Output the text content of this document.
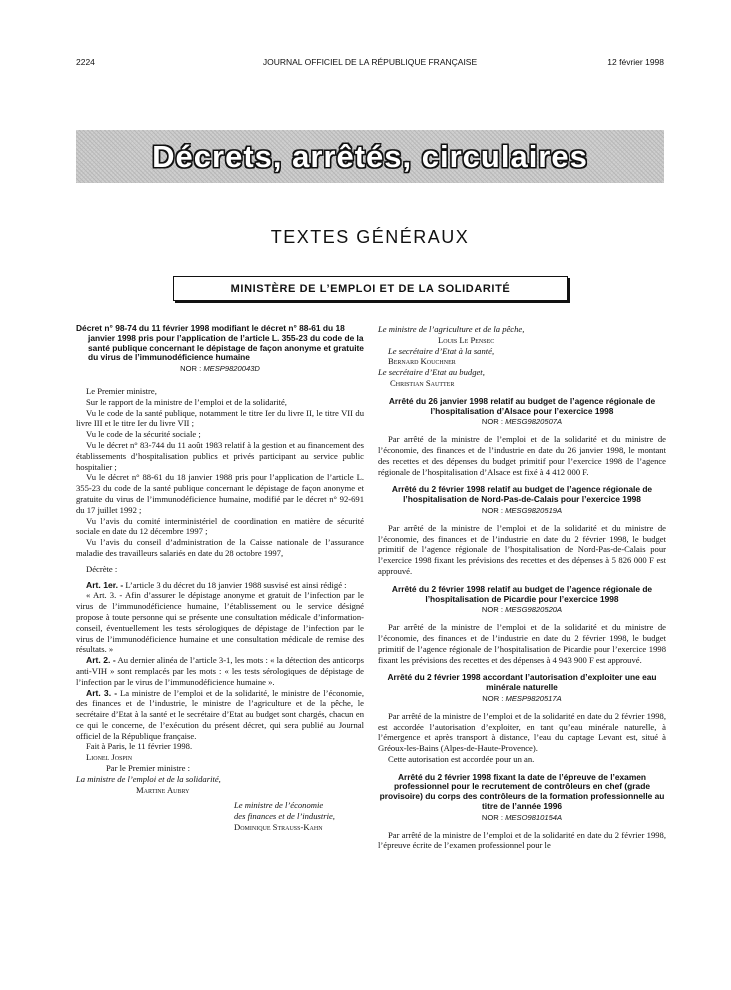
2224	JOURNAL OFFICIEL DE LA RÉPUBLIQUE FRANÇAISE	12 février 1998
Décrets, arrêtés, circulaires
TEXTES GÉNÉRAUX
MINISTÈRE DE L’EMPLOI ET DE LA SOLIDARITÉ
Décret n° 98-74 du 11 février 1998 modifiant le décret n° 88-61 du 18 janvier 1998 pris pour l’application de l’article L. 355-23 du code de la santé publique concernant le dépistage de façon anonyme et gratuite du virus de l’immunodéficience humaine
NOR : MESP9820043D

Le Premier ministre,

Sur le rapport de la ministre de l’emploi et de la solidarité,

Vu le code de la santé publique, notamment le titre Ier du livre II, le titre VII du livre III et le titre Ier du livre VII ;

Vu le code de la sécurité sociale ;

Vu le décret n° 83-744 du 11 août 1983 relatif à la gestion et au financement des établissements d’hospitalisation publics et privés participant au service public hospitalier ;

Vu le décret n° 88-61 du 18 janvier 1988 pris pour l’application de l’article L. 355-23 du code de la santé publique concernant le dépistage de façon anonyme et gratuite du virus de l’immunodéficience humaine, modifié par le décret n° 92-691 du 17 juillet 1992 ;

Vu l’avis du comité interministériel de coordination en matière de sécurité sociale en date du 12 décembre 1997 ;

Vu l’avis du conseil d’administration de la Caisse nationale de l’assurance maladie des travailleurs salariés en date du 28 octobre 1997,

Décrète :

Art. 1er. - L’article 3 du décret du 18 janvier 1988 susvisé est ainsi rédigé :

« Art. 3. - Afin d’assurer le dépistage anonyme et gratuit de l’infection par le virus de l’immunodéficience humaine, l’établissement ou le service désigné propose à toute personne qui se présente une consultation médicale d’information-conseil, éventuellement les tests sérologiques de dépistage de l’infection par le virus de l’immunodéficience humaine et une consultation médicale de remise des résultats. »

Art. 2. - Au dernier alinéa de l’article 3-1, les mots : « la détection des anticorps anti-VIH » sont remplacés par les mots : « les tests sérologiques de dépistage de l’infection par le virus de l’immunodéficience humaine ».

Art. 3. - La ministre de l’emploi et de la solidarité, le ministre de l’économie, des finances et de l’industrie, le ministre de l’agriculture et de la pêche, le secrétaire d’Etat à la santé et le secrétaire d’Etat au budget sont chargés, chacun en ce qui le concerne, de l’exécution du présent décret, qui sera publié au Journal officiel de la République française.

Fait à Paris, le 11 février 1998.

Lionel Jospin

Par le Premier ministre :

La ministre de l’emploi et de la solidarité,

Martine Aubry

Le ministre de l’économie

des finances et de l’industrie,

Dominique Strauss-Kahn

Le ministre de l’agriculture et de la pêche,

Louis Le Pensec

Le secrétaire d’Etat à la santé,

Bernard Kouchner

Le secrétaire d’Etat au budget,

Christian Sautter

Arrêté du 26 janvier 1998 relatif au budget de l’agence régionale de l’hospitalisation d’Alsace pour l’exercice 1998
NOR : MESG9820507A

Par arrêté de la ministre de l’emploi et de la solidarité et du ministre de l’économie, des finances et de l’industrie en date du 26 janvier 1998, le montant des recettes et des dépenses du budget primitif pour l’exercice 1998 de l’agence régionale de l’hospitalisation d’Alsace est fixé à 4 412 000 F.

Arrêté du 2 février 1998 relatif au budget de l’agence régionale de l’hospitalisation de Nord-Pas-de-Calais pour l’exercice 1998
NOR : MESG9820519A

Par arrêté de la ministre de l’emploi et de la solidarité et du ministre de l’économie, des finances et de l’industrie en date du 2 février 1998, le budget primitif de l’agence régionale de l’hospitalisation de Nord-Pas-de-Calais pour l’exercice 1998 fixant les prévisions des recettes et des dépenses à 5 826 000 F est approuvé.

Arrêté du 2 février 1998 relatif au budget de l’agence régionale de l’hospitalisation de Picardie pour l’exercice 1998
NOR : MESG9820520A

Par arrêté de la ministre de l’emploi et de la solidarité et du ministre de l’économie, des finances et de l’industrie en date du 2 février 1998, le budget primitif de l’agence régionale de l’hospitalisation de Picardie pour l’exercice 1998 fixant les prévisions des recettes et des dépenses à 4 943 900 F est approuvé.

Arrêté du 2 février 1998 accordant l’autorisation d’exploiter une eau minérale naturelle
NOR : MESP9820517A

Par arrêté de la ministre de l’emploi et de la solidarité en date du 2 février 1998, est accordée l’autorisation d’exploiter, en tant qu’eau minérale naturelle, à l’émergence et après transport à distance, l’eau du captage Levant est, situé à Gréoux-les-Bains (Alpes-de-Haute-Provence).

Cette autorisation est accordée pour un an.

Arrêté du 2 février 1998 fixant la date de l’épreuve de l’examen professionnel pour le recrutement de contrôleurs en chef (grade provisoire) du corps des contrôleurs de la formation professionnelle au titre de l’année 1996
NOR : MESO9810154A

Par arrêté de la ministre de l’emploi et de la solidarité en date du 2 février 1998, l’épreuve écrite de l’examen professionnel pour le
